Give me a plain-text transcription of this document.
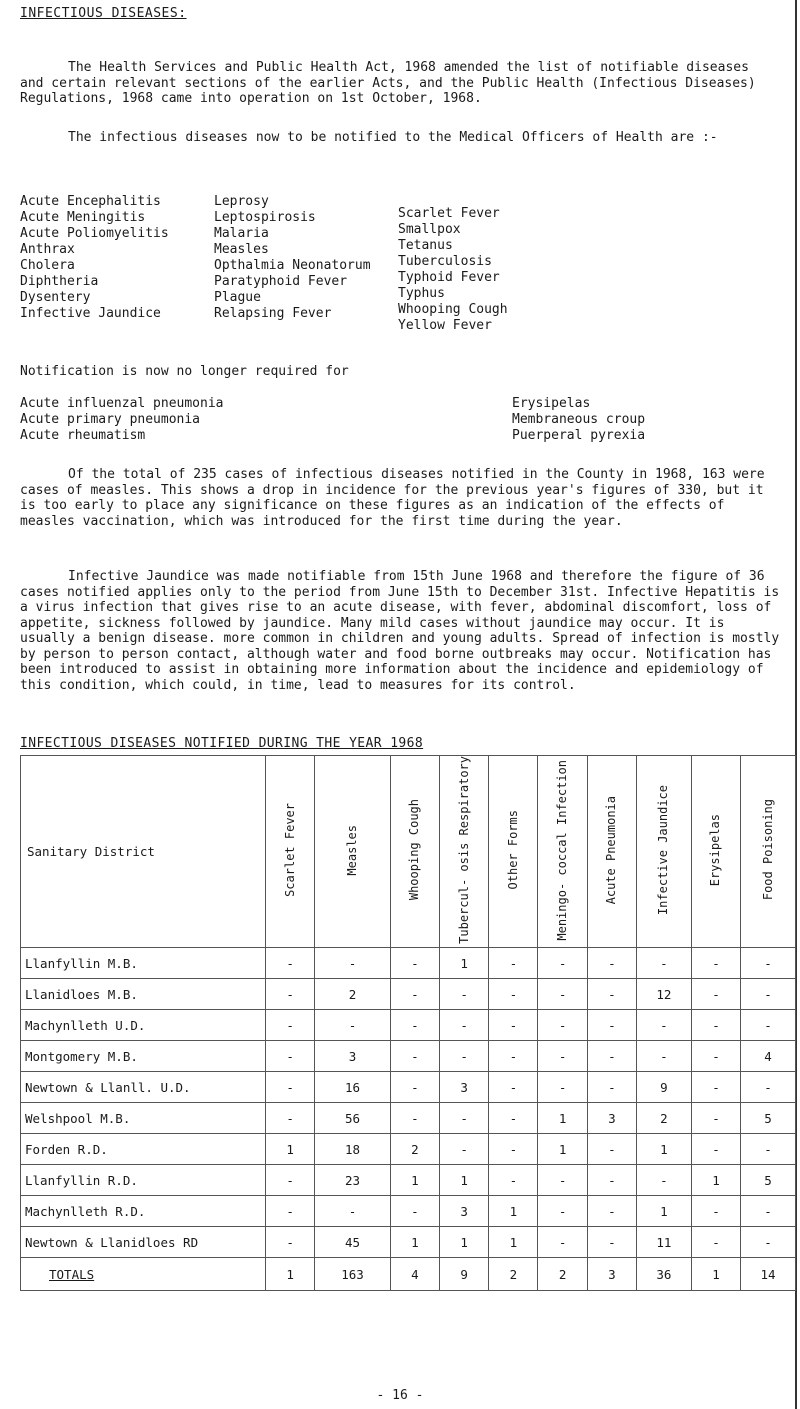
INFECTIOUS DISEASES:

The Health Services and Public Health Act, 1968 amended the list of notifiable diseases and certain relevant sections of the earlier Acts, and the Public Health (Infectious Diseases) Regulations, 1968 came into operation on 1st October, 1968.

The infectious diseases now to be notified to the Medical Officers of Health are :-

Acute Encephalitis
Acute Meningitis
Acute Poliomyelitis
Anthrax
Cholera
Diphtheria
Dysentery
Infective Jaundice
Leprosy
Leptospirosis
Malaria
Measles
Opthalmia Neonatorum
Paratyphoid Fever
Plague
Relapsing Fever
Scarlet Fever
Smallpox
Tetanus
Tuberculosis
Typhoid Fever
Typhus
Whooping Cough
Yellow Fever

Notification is now no longer required for

Acute influenzal pneumonia
Acute primary pneumonia
Acute rheumatism
Erysipelas
Membraneous croup
Puerperal pyrexia

Of the total of 235 cases of infectious diseases notified in the County in 1968, 163 were cases of measles. This shows a drop in incidence for the previous year's figures of 330, but it is too early to place any significance on these figures as an indication of the effects of measles vaccination, which was introduced for the first time during the year.

Infective Jaundice was made notifiable from 15th June 1968 and therefore the figure of 36 cases notified applies only to the period from June 15th to December 31st. Infective Hepatitis is a virus infection that gives rise to an acute disease, with fever, abdominal discomfort, loss of appetite, sickness followed by jaundice. Many mild cases without jaundice may occur. It is usually a benign disease. more common in children and young adults. Spread of infection is mostly by person to person contact, although water and food borne outbreaks may occur. Notification has been introduced to assist in obtaining more information about the incidence and epidemiology of this condition, which could, in time, lead to measures for its control.

INFECTIOUS DISEASES NOTIFIED DURING THE YEAR 1968
Sanitary District	Scarlet Fever	Measles	Whooping Cough	Tubercul- osis Respiratory	Other Forms	Meningo- coccal Infection	Acute Pneumonia	Infective Jaundice	Erysipelas	Food Poisoning
Llanfyllin M.B.	-	-	-	1	-	-	-	-	-	-
Llanidloes M.B.	-	2	-	-	-	-	-	12	-	-
Machynlleth U.D.	-	-	-	-	-	-	-	-	-	-
Montgomery M.B.	-	3	-	-	-	-	-	-	-	4
Newtown & Llanll. U.D.	-	16	-	3	-	-	-	9	-	-
Welshpool M.B.	-	56	-	-	-	1	3	2	-	5
Forden R.D.	1	18	2	-	-	1	-	1	-	-
Llanfyllin R.D.	-	23	1	1	-	-	-	-	1	5
Machynlleth R.D.	-	-	-	3	1	-	-	1	-	-
Newtown & Llanidloes RD	-	45	1	1	1	-	-	11	-	-
TOTALS	1	163	4	9	2	2	3	36	1	14
- 16 -
